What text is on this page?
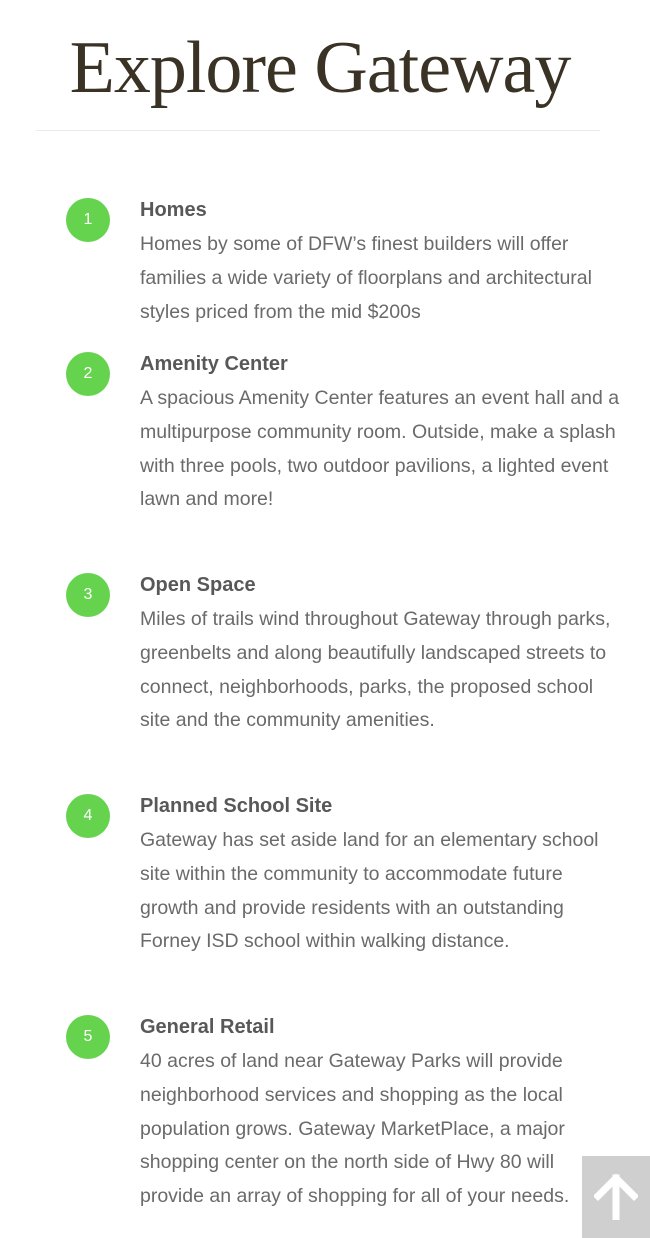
Explore Gateway
1	Homes

Homes by some of DFW’s finest builders will offer families a wide variety of floorplans and architectural styles priced from the mid $200s

2	Amenity Center

A spacious Amenity Center features an event hall and a multipurpose community room. Outside, make a splash with three pools, two outdoor pavilions, a lighted event lawn and more!

3	Open Space

Miles of trails wind throughout Gateway through parks, greenbelts and along beautifully landscaped streets to connect, neighborhoods, parks, the proposed school site and the community amenities.

4	Planned School Site

Gateway has set aside land for an elementary school site within the community to accommodate future growth and provide residents with an outstanding Forney ISD school within walking distance.

5	General Retail

40 acres of land near Gateway Parks will provide neighborhood services and shopping as the local population grows. Gateway MarketPlace, a major shopping center on the north side of Hwy 80 will provide an array of shopping for all of your needs.
